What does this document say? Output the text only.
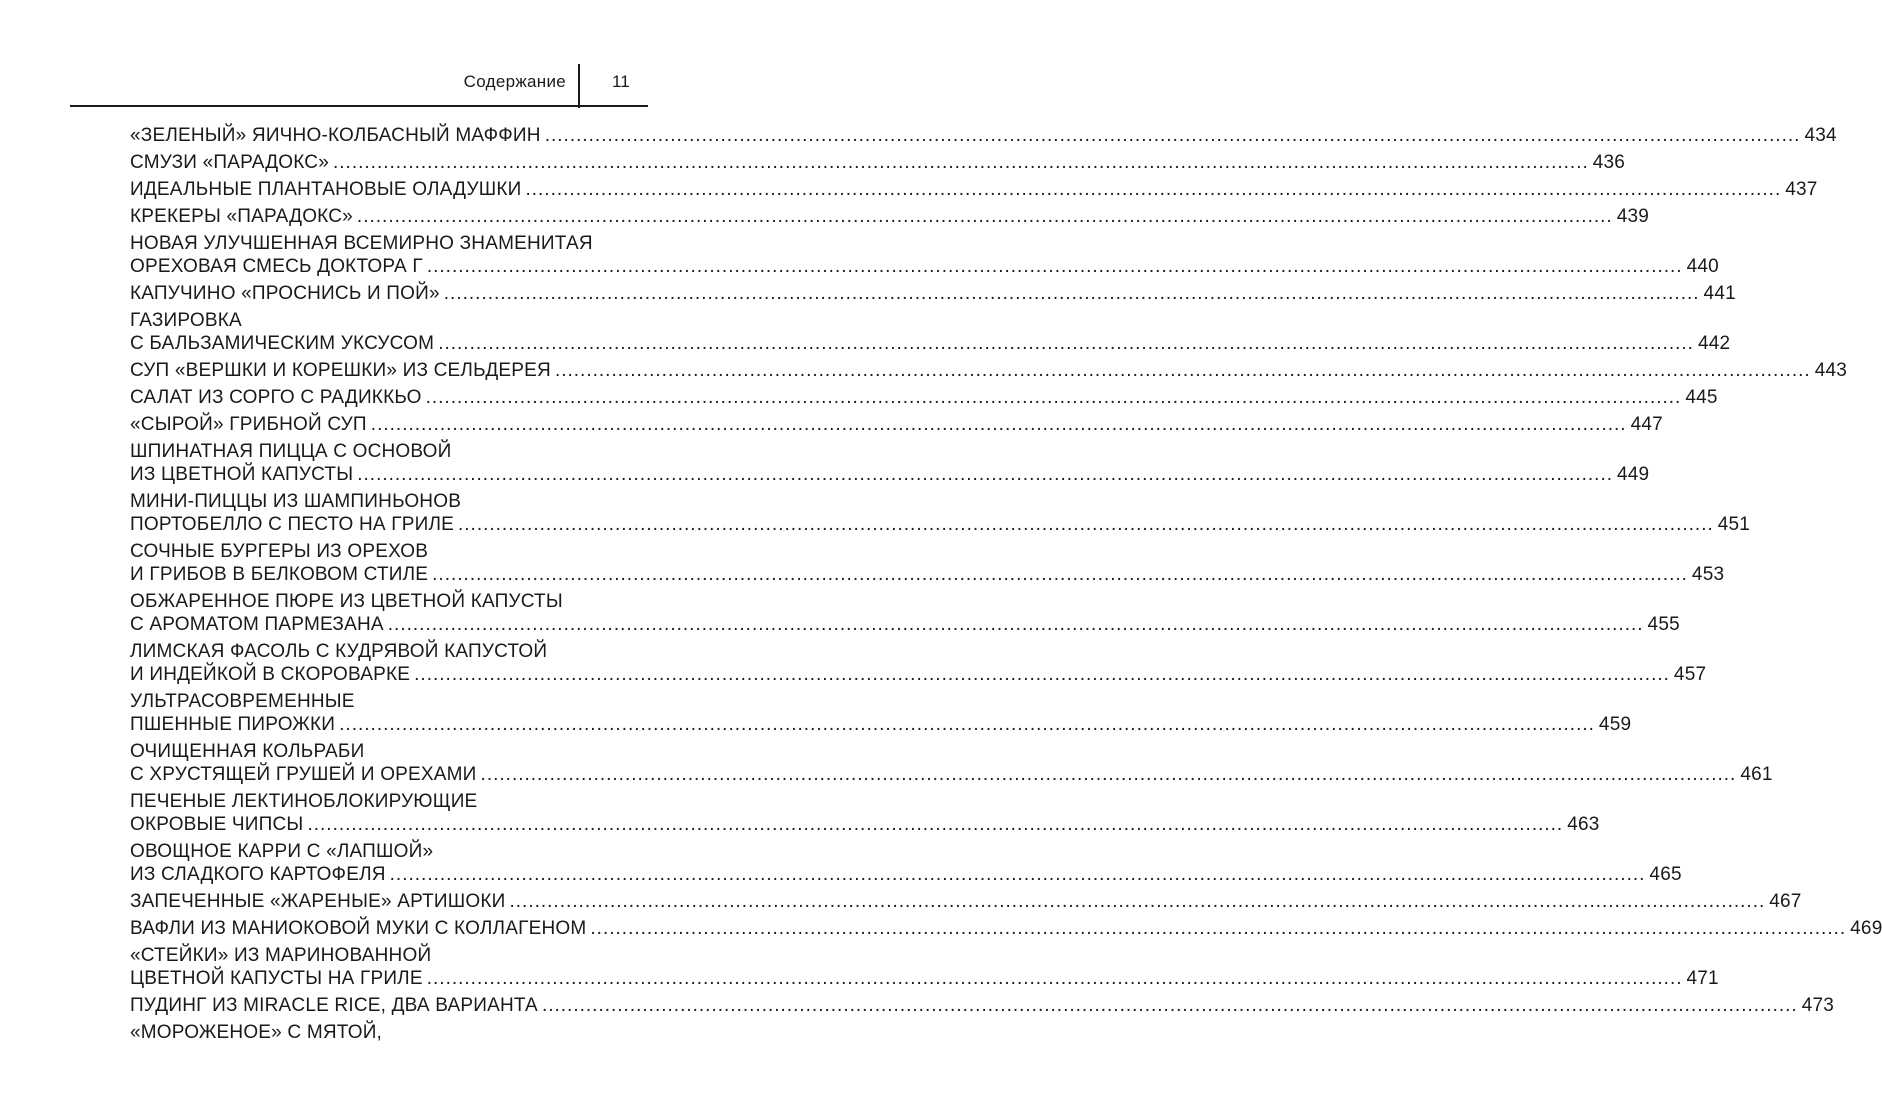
Содержание	11
«ЗЕЛЕНЫЙ» ЯИЧНО-КОЛБАСНЫЙ МАФФИН ........................................................................................................................................................................................................ 434
СМУЗИ «ПАРАДОКС» ........................................................................................................................................................................................................ 436
ИДЕАЛЬНЫЕ ПЛАНТАНОВЫЕ ОЛАДУШКИ ........................................................................................................................................................................................................ 437
КРЕКЕРЫ «ПАРАДОКС» ........................................................................................................................................................................................................ 439
НОВАЯ УЛУЧШЕННАЯ ВСЕМИРНО ЗНАМЕНИТАЯ
ОРЕХОВАЯ СМЕСЬ ДОКТОРА Г ........................................................................................................................................................................................................ 440
КАПУЧИНО «ПРОСНИСЬ И ПОЙ» ........................................................................................................................................................................................................ 441
ГАЗИРОВКА
С БАЛЬЗАМИЧЕСКИМ УКСУСОМ ........................................................................................................................................................................................................ 442
СУП «ВЕРШКИ И КОРЕШКИ» ИЗ СЕЛЬДЕРЕЯ ........................................................................................................................................................................................................ 443
САЛАТ ИЗ СОРГО С РАДИККЬО ........................................................................................................................................................................................................ 445
«СЫРОЙ» ГРИБНОЙ СУП ........................................................................................................................................................................................................ 447
ШПИНАТНАЯ ПИЦЦА С ОСНОВОЙ
ИЗ ЦВЕТНОЙ КАПУСТЫ ........................................................................................................................................................................................................ 449
МИНИ-ПИЦЦЫ ИЗ ШАМПИНЬОНОВ
ПОРТОБЕЛЛО С ПЕСТО НА ГРИЛЕ ........................................................................................................................................................................................................ 451
СОЧНЫЕ БУРГЕРЫ ИЗ ОРЕХОВ
И ГРИБОВ В БЕЛКОВОМ СТИЛЕ ........................................................................................................................................................................................................ 453
ОБЖАРЕННОЕ ПЮРЕ ИЗ ЦВЕТНОЙ КАПУСТЫ
С АРОМАТОМ ПАРМЕЗАНА ........................................................................................................................................................................................................ 455
ЛИМСКАЯ ФАСОЛЬ С КУДРЯВОЙ КАПУСТОЙ
И ИНДЕЙКОЙ В СКОРОВАРКЕ ........................................................................................................................................................................................................ 457
УЛЬТРАСОВРЕМЕННЫЕ
ПШЕННЫЕ ПИРОЖКИ ........................................................................................................................................................................................................ 459
ОЧИЩЕННАЯ КОЛЬРАБИ
С ХРУСТЯЩЕЙ ГРУШЕЙ И ОРЕХАМИ ........................................................................................................................................................................................................ 461
ПЕЧЕНЫЕ ЛЕКТИНОБЛОКИРУЮЩИЕ
ОКРОВЫЕ ЧИПСЫ ........................................................................................................................................................................................................ 463
ОВОЩНОЕ КАРРИ С «ЛАПШОЙ»
ИЗ СЛАДКОГО КАРТОФЕЛЯ ........................................................................................................................................................................................................ 465
ЗАПЕЧЕННЫЕ «ЖАРЕНЫЕ» АРТИШОКИ ........................................................................................................................................................................................................ 467
ВАФЛИ ИЗ МАНИОКОВОЙ МУКИ С КОЛЛАГЕНОМ ........................................................................................................................................................................................................ 469
«СТЕЙКИ» ИЗ МАРИНОВАННОЙ
ЦВЕТНОЙ КАПУСТЫ НА ГРИЛЕ ........................................................................................................................................................................................................ 471
ПУДИНГ ИЗ MIRACLE RICE, ДВА ВАРИАНТА ........................................................................................................................................................................................................ 473
«МОРОЖЕНОЕ» С МЯТОЙ,
